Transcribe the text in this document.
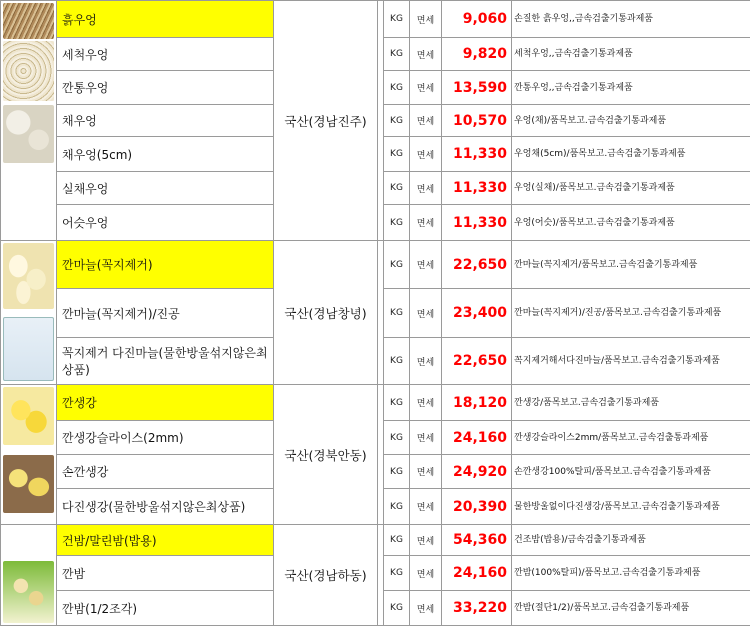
	흙우엉	국산(경남진주)		KG	면세	9,060	손질한 흙우엉,,금속검출기통과제품
	세척우엉			KG	면세	9,820	세척우엉,,금속검출기통과제품
	깐통우엉			KG	면세	13,590	깐통우엉,,금속검출기통과제품
	채우엉			KG	면세	10,570	우엉(채)/품목보고.금속검출기통과제품
	채우엉(5cm)			KG	면세	11,330	우엉채(5cm)/품목보고.금속검출기통과제품
	실채우엉			KG	면세	11,330	우엉(실채)/품목보고.금속검출기통과제품
	어슷우엉			KG	면세	11,330	우엉(어슷)/품목보고.금속검출기통과제품

	깐마늘(꼭지제거)	국산(경남창녕)		KG	면세	22,650	깐마늘(꼭지제거/품목보고.금속검출기통과제품
	깐마늘(꼭지제거)/진공			KG	면세	23,400	깐마늘(꼭지제거)/진공/품목보고.금속검출기통과제품
	꼭지제거 다진마늘(물한방울섞지않은최상품)			KG	면세	22,650	꼭지제거해서다진마늘/품목보고.금속검출기통과제품

	깐생강	국산(경북안동)		KG	면세	18,120	깐생강/품목보고.금속검출기통과제품
	깐생강슬라이스(2mm)			KG	면세	24,160	깐생강슬라이스2mm/품목보고.금속검출통과제품
	손깐생강			KG	면세	24,920	손깐생강100%탈피/품목보고.금속검출기통과제품
	다진생강(물한방울섞지않은최상품)			KG	면세	20,390	물한방울없이다진생강/품목보고.금속검출기통과제품

	건밤/말린밤(밥용)	국산(경남하동)		KG	면세	54,360	건조밤(밥용)/금속검출기통과제품
	깐밤			KG	면세	24,160	깐밤(100%탈피)/품목보고.금속검출기통과제품
	깐밤(1/2조각)			KG	면세	33,220	깐밤(절단1/2)/품목보고.금속검출기통과제품
